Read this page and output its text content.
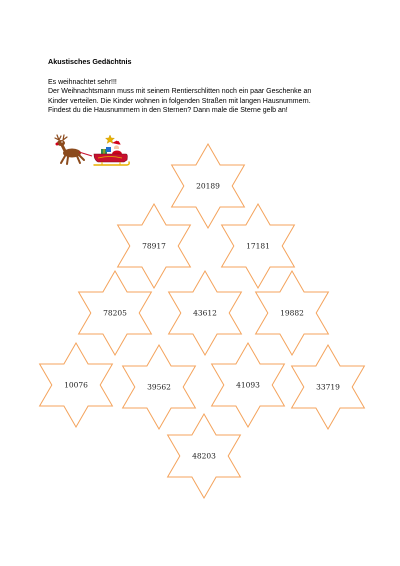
Akustisches Gedächtnis
Es weihnachtet sehr!!!
Der Weihnachtsmann muss mit seinem Rentierschlitten noch ein paar Geschenke an
Kinder verteilen. Die Kinder wohnen in folgenden Straßen mit langen Hausnummern.
Findest du die Hausnummern in den Sternen? Dann male die Sterne gelb an!
20189
78917	17181
78205	43612	19882
10076	39562	41093	33719
48203
